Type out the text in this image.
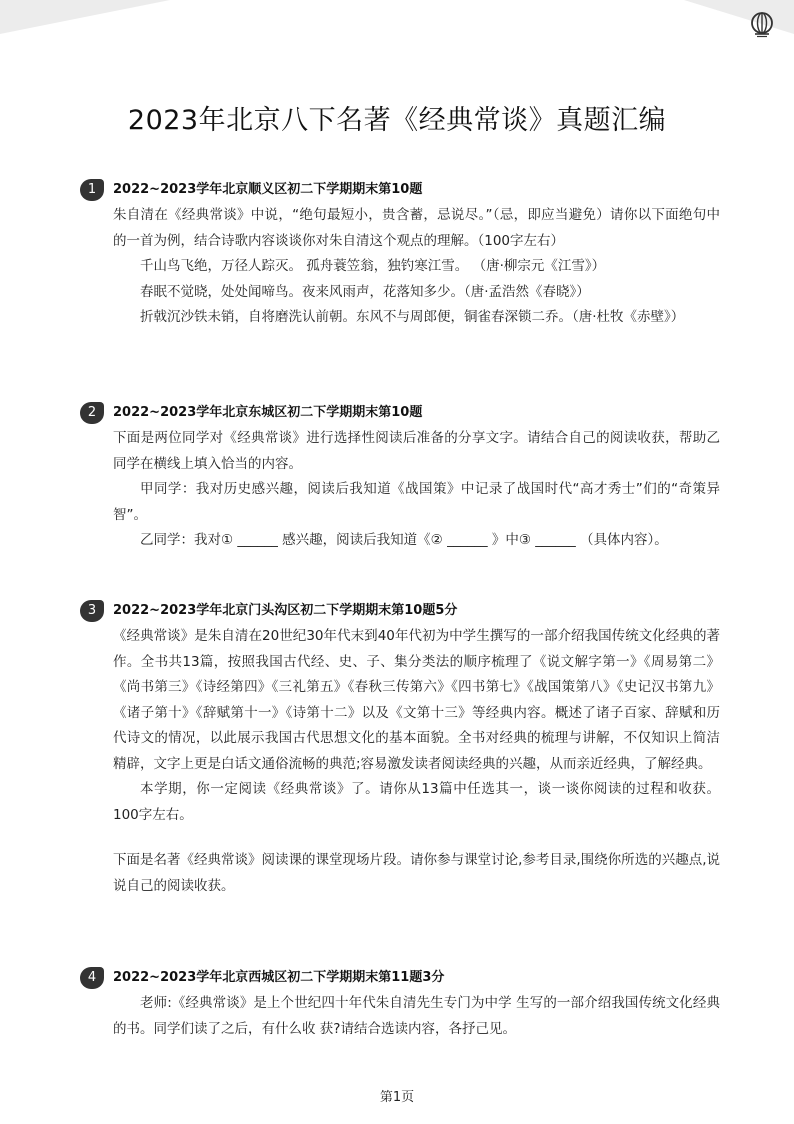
2023年北京八下名著《经典常谈》真题汇编
1	2022~2023学年北京顺义区初二下学期期末第10题

朱自清在《经典常谈》中说，“绝句最短小，贵含蓄，忌说尽。”（忌，即应当避免）请你以下面绝句中的一首为例，结合诗歌内容谈谈你对朱自清这个观点的理解。（100字左右）

千山鸟飞绝，万径人踪灭。 孤舟蓑笠翁，独钓寒江雪。 （唐·柳宗元《江雪》）

春眠不觉晓，处处闻啼鸟。夜来风雨声，花落知多少。（唐·孟浩然《春晓》）

折戟沉沙铁未销，自将磨洗认前朝。东风不与周郎便，铜雀春深锁二乔。（唐·杜牧《赤壁》）

2	2022~2023学年北京东城区初二下学期期末第10题

下面是两位同学对《经典常谈》进行选择性阅读后准备的分享文字。请结合自己的阅读收获，帮助乙同学在横线上填入恰当的内容。

甲同学：我对历史感兴趣，阅读后我知道《战国策》中记录了战国时代“高才秀士”们的“奇策异智”。

乙同学：我对① ______ 感兴趣，阅读后我知道《② ______ 》中③ ______ （具体内容）。

3	2022~2023学年北京门头沟区初二下学期期末第10题5分

《经典常谈》是朱自清在20世纪30年代末到40年代初为中学生撰写的一部介绍我国传统文化经典的著作。全书共13篇，按照我国古代经、史、子、集分类法的顺序梳理了《说文解字第一》《周易第二》《尚书第三》《诗经第四》《三礼第五》《春秋三传第六》《四书第七》《战国策第八》《史记汉书第九》《诸子第十》《辞赋第十一》《诗第十二》以及《文第十三》等经典内容。概述了诸子百家、辞赋和历代诗文的情况，以此展示我国古代思想文化的基本面貌。全书对经典的梳理与讲解，不仅知识上简洁精辟，文字上更是白话文通俗流畅的典范;容易激发读者阅读经典的兴趣，从而亲近经典，了解经典。

本学期，你一定阅读《经典常谈》了。请你从13篇中任选其一，谈一谈你阅读的过程和收获。100字左右。

下面是名著《经典常谈》阅读课的课堂现场片段。请你参与课堂讨论,参考目录,围绕你所选的兴趣点,说说自己的阅读收获。

4	2022~2023学年北京西城区初二下学期期末第11题3分

老师:《经典常谈》是上个世纪四十年代朱自清先生专门为中学 生写的一部介绍我国传统文化经典的书。同学们读了之后，有什么收 获?请结合选读内容，各抒己见。

第1页
